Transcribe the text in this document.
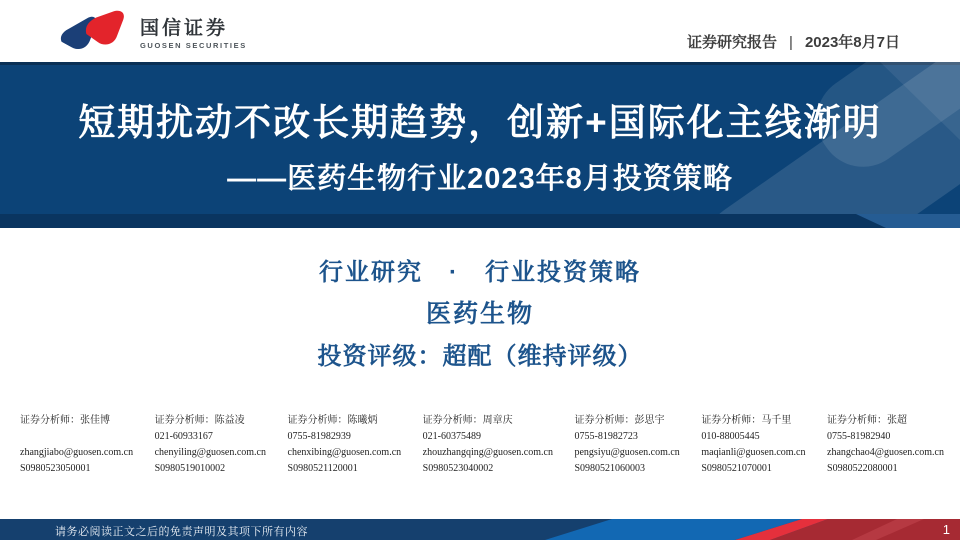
国信证券
GUOSEN SECURITIES	证券研究报告 | 2023年8月7日
短期扰动不改长期趋势，创新+国际化主线渐明
——医药生物行业2023年8月投资策略
行业研究　·　行业投资策略
医药生物
投资评级：超配（维持评级）
证券分析师：张佳博
zhangjiabo@guosen.com.cn
S0980523050001
证券分析师：陈益凌
021-60933167
chenyiling@guosen.com.cn
S0980519010002
证券分析师：陈曦炳
0755-81982939
chenxibing@guosen.com.cn
S0980521120001
证券分析师：周章庆
021-60375489
zhouzhangqing@guosen.com.cn
S0980523040002
证券分析师：彭思宇
0755-81982723
pengsiyu@guosen.com.cn
S0980521060003
证券分析师：马千里
010-88005445
maqianli@guosen.com.cn
S0980521070001
证券分析师：张超
0755-81982940
zhangchao4@guosen.com.cn
S0980522080001
请务必阅读正文之后的免责声明及其项下所有内容	1
